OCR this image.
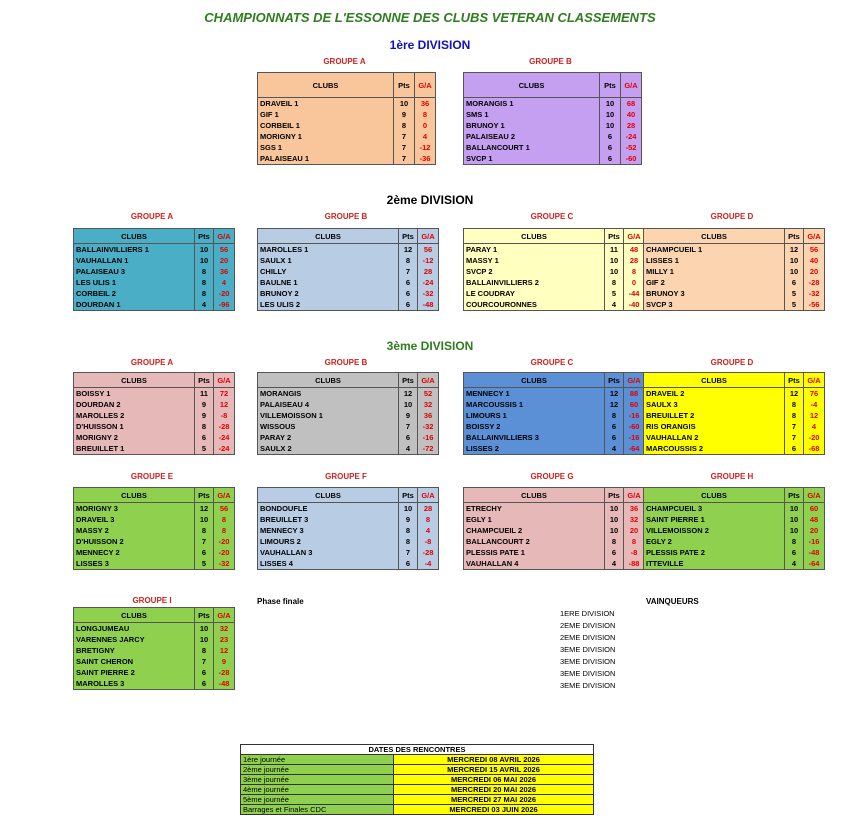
CHAMPIONNATS DE L'ESSONNE DES CLUBS VETERAN CLASSEMENTS
1ère DIVISION
2ème DIVISION
3ème DIVISION
GROUPE A
CLUBS	Pts	G/A
DRAVEIL 1	10	36
GIF 1	9	8
CORBEIL 1	8	0
MORIGNY 1	7	4
SGS 1	7	-12
PALAISEAU 1	7	-36
GROUPE B
CLUBS	Pts	G/A
MORANGIS 1	10	68
SMS 1	10	40
BRUNOY 1	10	28
PALAISEAU 2	6	-24
BALLANCOURT 1	6	-52
SVCP 1	6	-60
GROUPE A
CLUBS	Pts	G/A
BALLAINVILLIERS 1	10	56
VAUHALLAN 1	10	20
PALAISEAU 3	8	36
LES ULIS 1	8	4
CORBEIL 2	8	-20
DOURDAN 1	4	-96
GROUPE B
CLUBS	Pts	G/A
MAROLLES 1	12	56
SAULX 1	8	-12
CHILLY	7	28
BAULNE 1	6	-24
BRUNOY 2	6	-32
LES ULIS 2	6	-48
GROUPE C
CLUBS	Pts	G/A
PARAY 1	11	48
MASSY 1	10	28
SVCP 2	10	8
BALLAINVILLIERS 2	8	0
LE COUDRAY	5	-44
COURCOURONNES	4	-40
GROUPE D
CLUBS	Pts	G/A
CHAMPCUEIL 1	12	56
LISSES 1	10	40
MILLY 1	10	20
GIF 2	6	-28
BRUNOY 3	5	-32
SVCP 3	5	-56
GROUPE A
CLUBS	Pts	G/A
BOISSY 1	11	72
DOURDAN 2	9	12
MAROLLES 2	9	-8
D'HUISSON 1	8	-28
MORIGNY 2	6	-24
BREUILLET 1	5	-24
GROUPE B
CLUBS	Pts	G/A
MORANGIS	12	52
PALAISEAU 4	10	32
VILLEMOISSON 1	9	36
WISSOUS	7	-32
PARAY 2	6	-16
SAULX 2	4	-72
GROUPE C
CLUBS	Pts	G/A
MENNECY 1	12	88
MARCOUSSIS 1	12	60
LIMOURS 1	8	-16
BOISSY 2	6	-60
BALLAINVILLIERS 3	6	-16
LISSES 2	4	-64
GROUPE D
CLUBS	Pts	G/A
DRAVEIL 2	12	76
SAULX 3	8	-4
BREUILLET 2	8	12
RIS ORANGIS	7	4
VAUHALLAN 2	7	-20
MARCOUSSIS 2	6	-68
GROUPE E
CLUBS	Pts	G/A
MORIGNY 3	12	56
DRAVEIL 3	10	8
MASSY 2	8	8
D'HUISSON 2	7	-20
MENNECY 2	6	-20
LISSES 3	5	-32
GROUPE F
CLUBS	Pts	G/A
BONDOUFLE	10	28
BREUILLET 3	9	8
MENNECY 3	8	4
LIMOURS 2	8	-8
VAUHALLAN 3	7	-28
LISSES 4	6	-4
GROUPE G
CLUBS	Pts	G/A
ETRECHY	10	36
EGLY 1	10	32
CHAMPCUEIL 2	10	20
BALLANCOURT 2	8	8
PLESSIS PATE 1	6	-8
VAUHALLAN 4	4	-88
GROUPE H
CLUBS	Pts	G/A
CHAMPCUEIL 3	10	60
SAINT PIERRE 1	10	48
VILLEMOISSON 2	10	20
EGLY 2	8	-16
PLESSIS PATE 2	6	-48
ITTEVILLE	4	-64
GROUPE I
CLUBS	Pts	G/A
LONGJUMEAU	10	32
VARENNES JARCY	10	23
BRETIGNY	8	12
SAINT CHERON	7	9
SAINT PIERRE 2	6	-28
MAROLLES 3	6	-48
Phase finale	VAINQUEURS
1ERE DIVISION
2EME DIVISION
2EME DIVISION
3EME DIVISION
3EME DIVISION
3EME DIVISION
3EME DIVISION
DATES DES RENCONTRES	
1ère journée	MERCREDI 08 AVRIL 2026
2ème journée	MERCREDI 15 AVRIL 2026
3ème journée	MERCREDI 06 MAI 2026
4ème journée	MERCREDI 20 MAI 2026
5ème journée	MERCREDI 27 MAI 2026
Barrages et Finales CDC	MERCREDI 03 JUIN 2026
